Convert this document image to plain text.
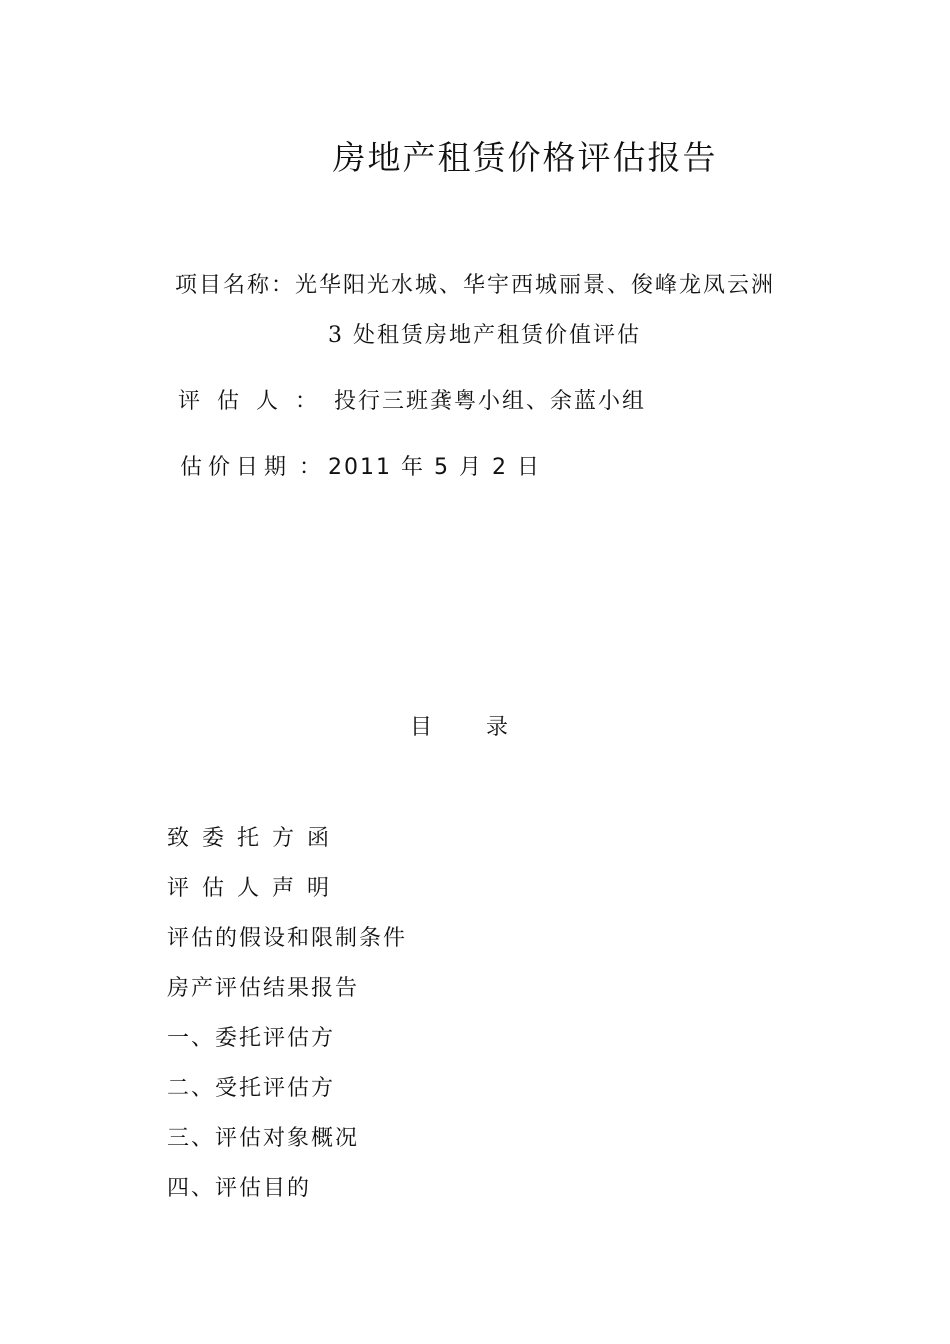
房地产租赁价格评估报告
项目名称：光华阳光水城、华宇西城丽景、俊峰龙凤云洲
3 处租赁房地产租赁价值评估
评估人：投行三班龚粤小组、余蓝小组
估价日期 ： 2011 年 5 月 2 日
目 录
致委托方函
评估人声明
评估的假设和限制条件
房产评估结果报告
一、委托评估方
二、受托评估方
三、评估对象概况
四、评估目的
